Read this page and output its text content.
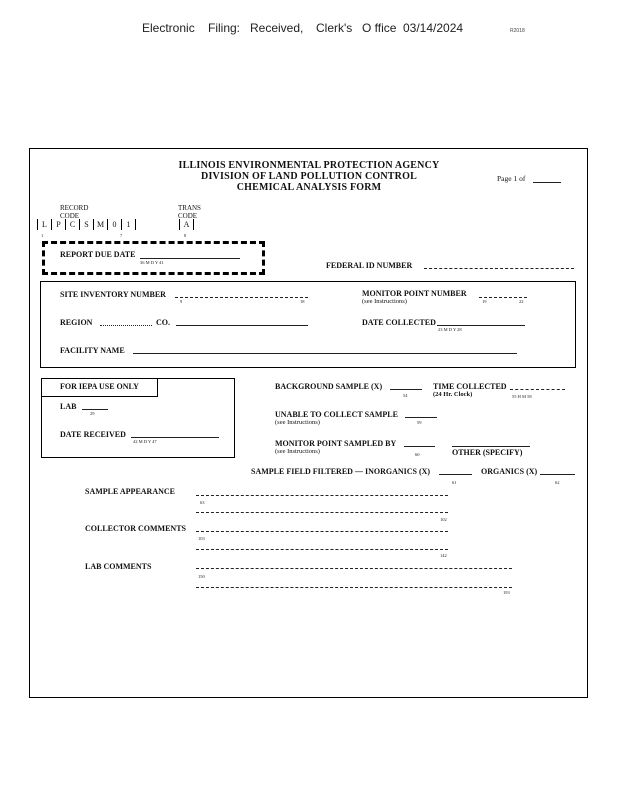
Electronic Filing: Received, Clerk's O ffice 03/14/2024	R2018
ILLINOIS ENVIRONMENTAL PROTECTION AGENCY
DIVISION OF LAND POLLUTION CONTROL
CHEMICAL ANALYSIS FORM
Page 1 of
RECORD
CODE
TRANS
CODE
L	P	C	S	M	0	1	A
1	7	8
REPORT DUE DATE
36 M D Y 41	FEDERAL ID NUMBER
SITE INVENTORY NUMBER
9	18
MONITOR POINT NUMBER
(see Instructions)	19	22
REGION	CO.	DATE COLLECTED
23 M D Y 28
FACILITY NAME
FOR IEPA USE ONLY
LAB
29
DATE RECEIVED
42 M D Y 47
BACKGROUND SAMPLE (X)
54
TIME COLLECTED
(24 Hr. Clock)	55 H M 58
UNABLE TO COLLECT SAMPLE
(see Instructions)	59
MONITOR POINT SAMPLED BY
(see Instructions)	60	OTHER (SPECIFY)
SAMPLE FIELD FILTERED — INORGANICS (X)
61
ORGANICS (X)
62
SAMPLE APPEARANCE
63
102
COLLECTOR COMMENTS
103
142
LAB COMMENTS
150
193
